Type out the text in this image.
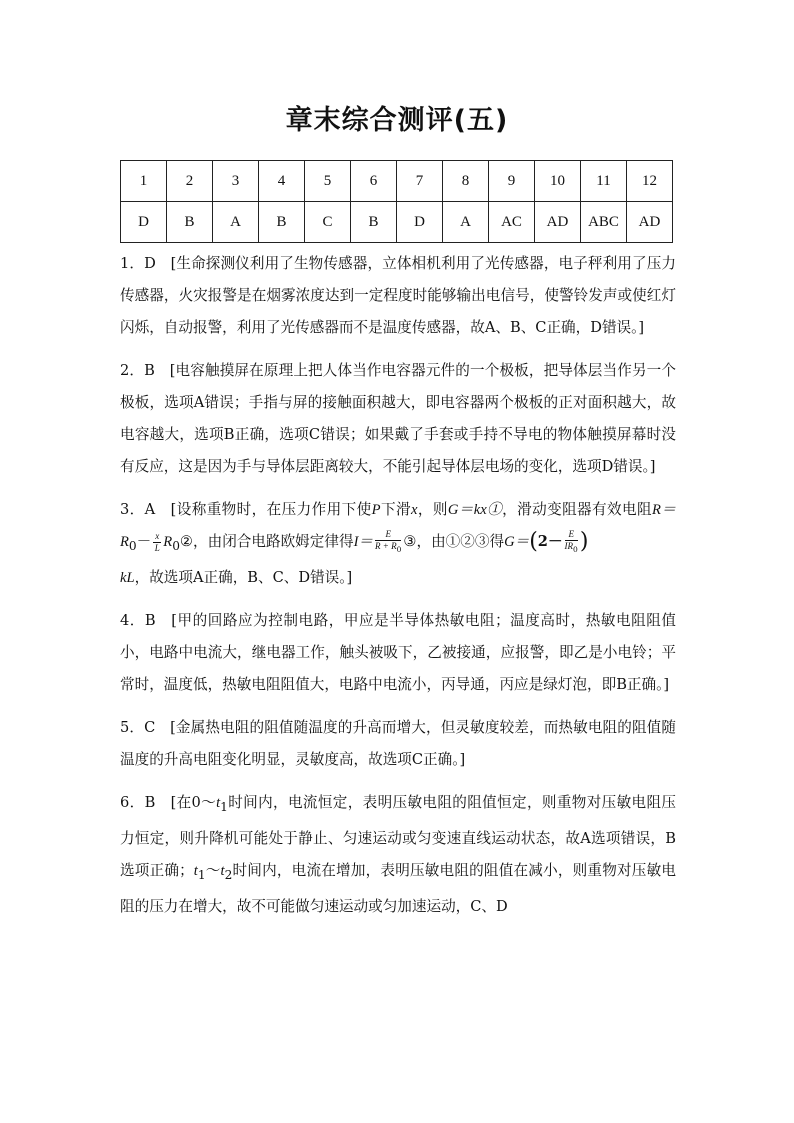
章末综合测评(五)
1	2	3	4	5	6	7	8	9	10	11	12
D	B	A	B	C	B	D	A	AC	AD	ABC	AD

1．D　[生命探测仪利用了生物传感器，立体相机利用了光传感器，电子秤利用了压力传感器，火灾报警是在烟雾浓度达到一定程度时能够输出电信号，使警铃发声或使红灯闪烁，自动报警，利用了光传感器而不是温度传感器，故A、B、C正确，D错误。]

2．B　[电容触摸屏在原理上把人体当作电容器元件的一个极板，把导体层当作另一个极板，选项A错误；手指与屏的接触面积越大，即电容器两个极板的正对面积越大，故电容越大，选项B正确，选项C错误；如果戴了手套或手持不导电的物体触摸屏幕时没有反应，这是因为手与导体层距离较大，不能引起导体层电场的变化，选项D错误。]

3．A　[设称重物时，在压力作用下使P下滑x，则G＝kx①，滑动变阻器有效电阻$R=R_0- \frac{x}{L}$ $R_0②$，由闭合电路欧姆定律得$I= \frac{E}{R + R_0}$ ③，由①②③得$G=(2- \frac{E}{IR_0}$ )
kL，故选项A正确，B、C、D错误。]

4．B　[甲的回路应为控制电路，甲应是半导体热敏电阻；温度高时，热敏电阻阻值小，电路中电流大，继电器工作，触头被吸下，乙被接通，应报警，即乙是小电铃；平常时，温度低，热敏电阻阻值大，电路中电流小，丙导通，丙应是绿灯泡，即B正确。]

5．C　[金属热电阻的阻值随温度的升高而增大，但灵敏度较差，而热敏电阻的阻值随温度的升高电阻变化明显，灵敏度高，故选项C正确。]

6．B　[在$0\sim t_1$时间内，电流恒定，表明压敏电阻的阻值恒定，则重物对压敏电阻压力恒定，则升降机可能处于静止、匀速运动或匀变速直线运动状态，故A选项错误，B选项正确；$t_1\sim t_2$时间内，电流在增加，表明压敏电阻的阻值在减小，则重物对压敏电阻的压力在增大，故不可能做匀速运动或匀加速运动，C、D
